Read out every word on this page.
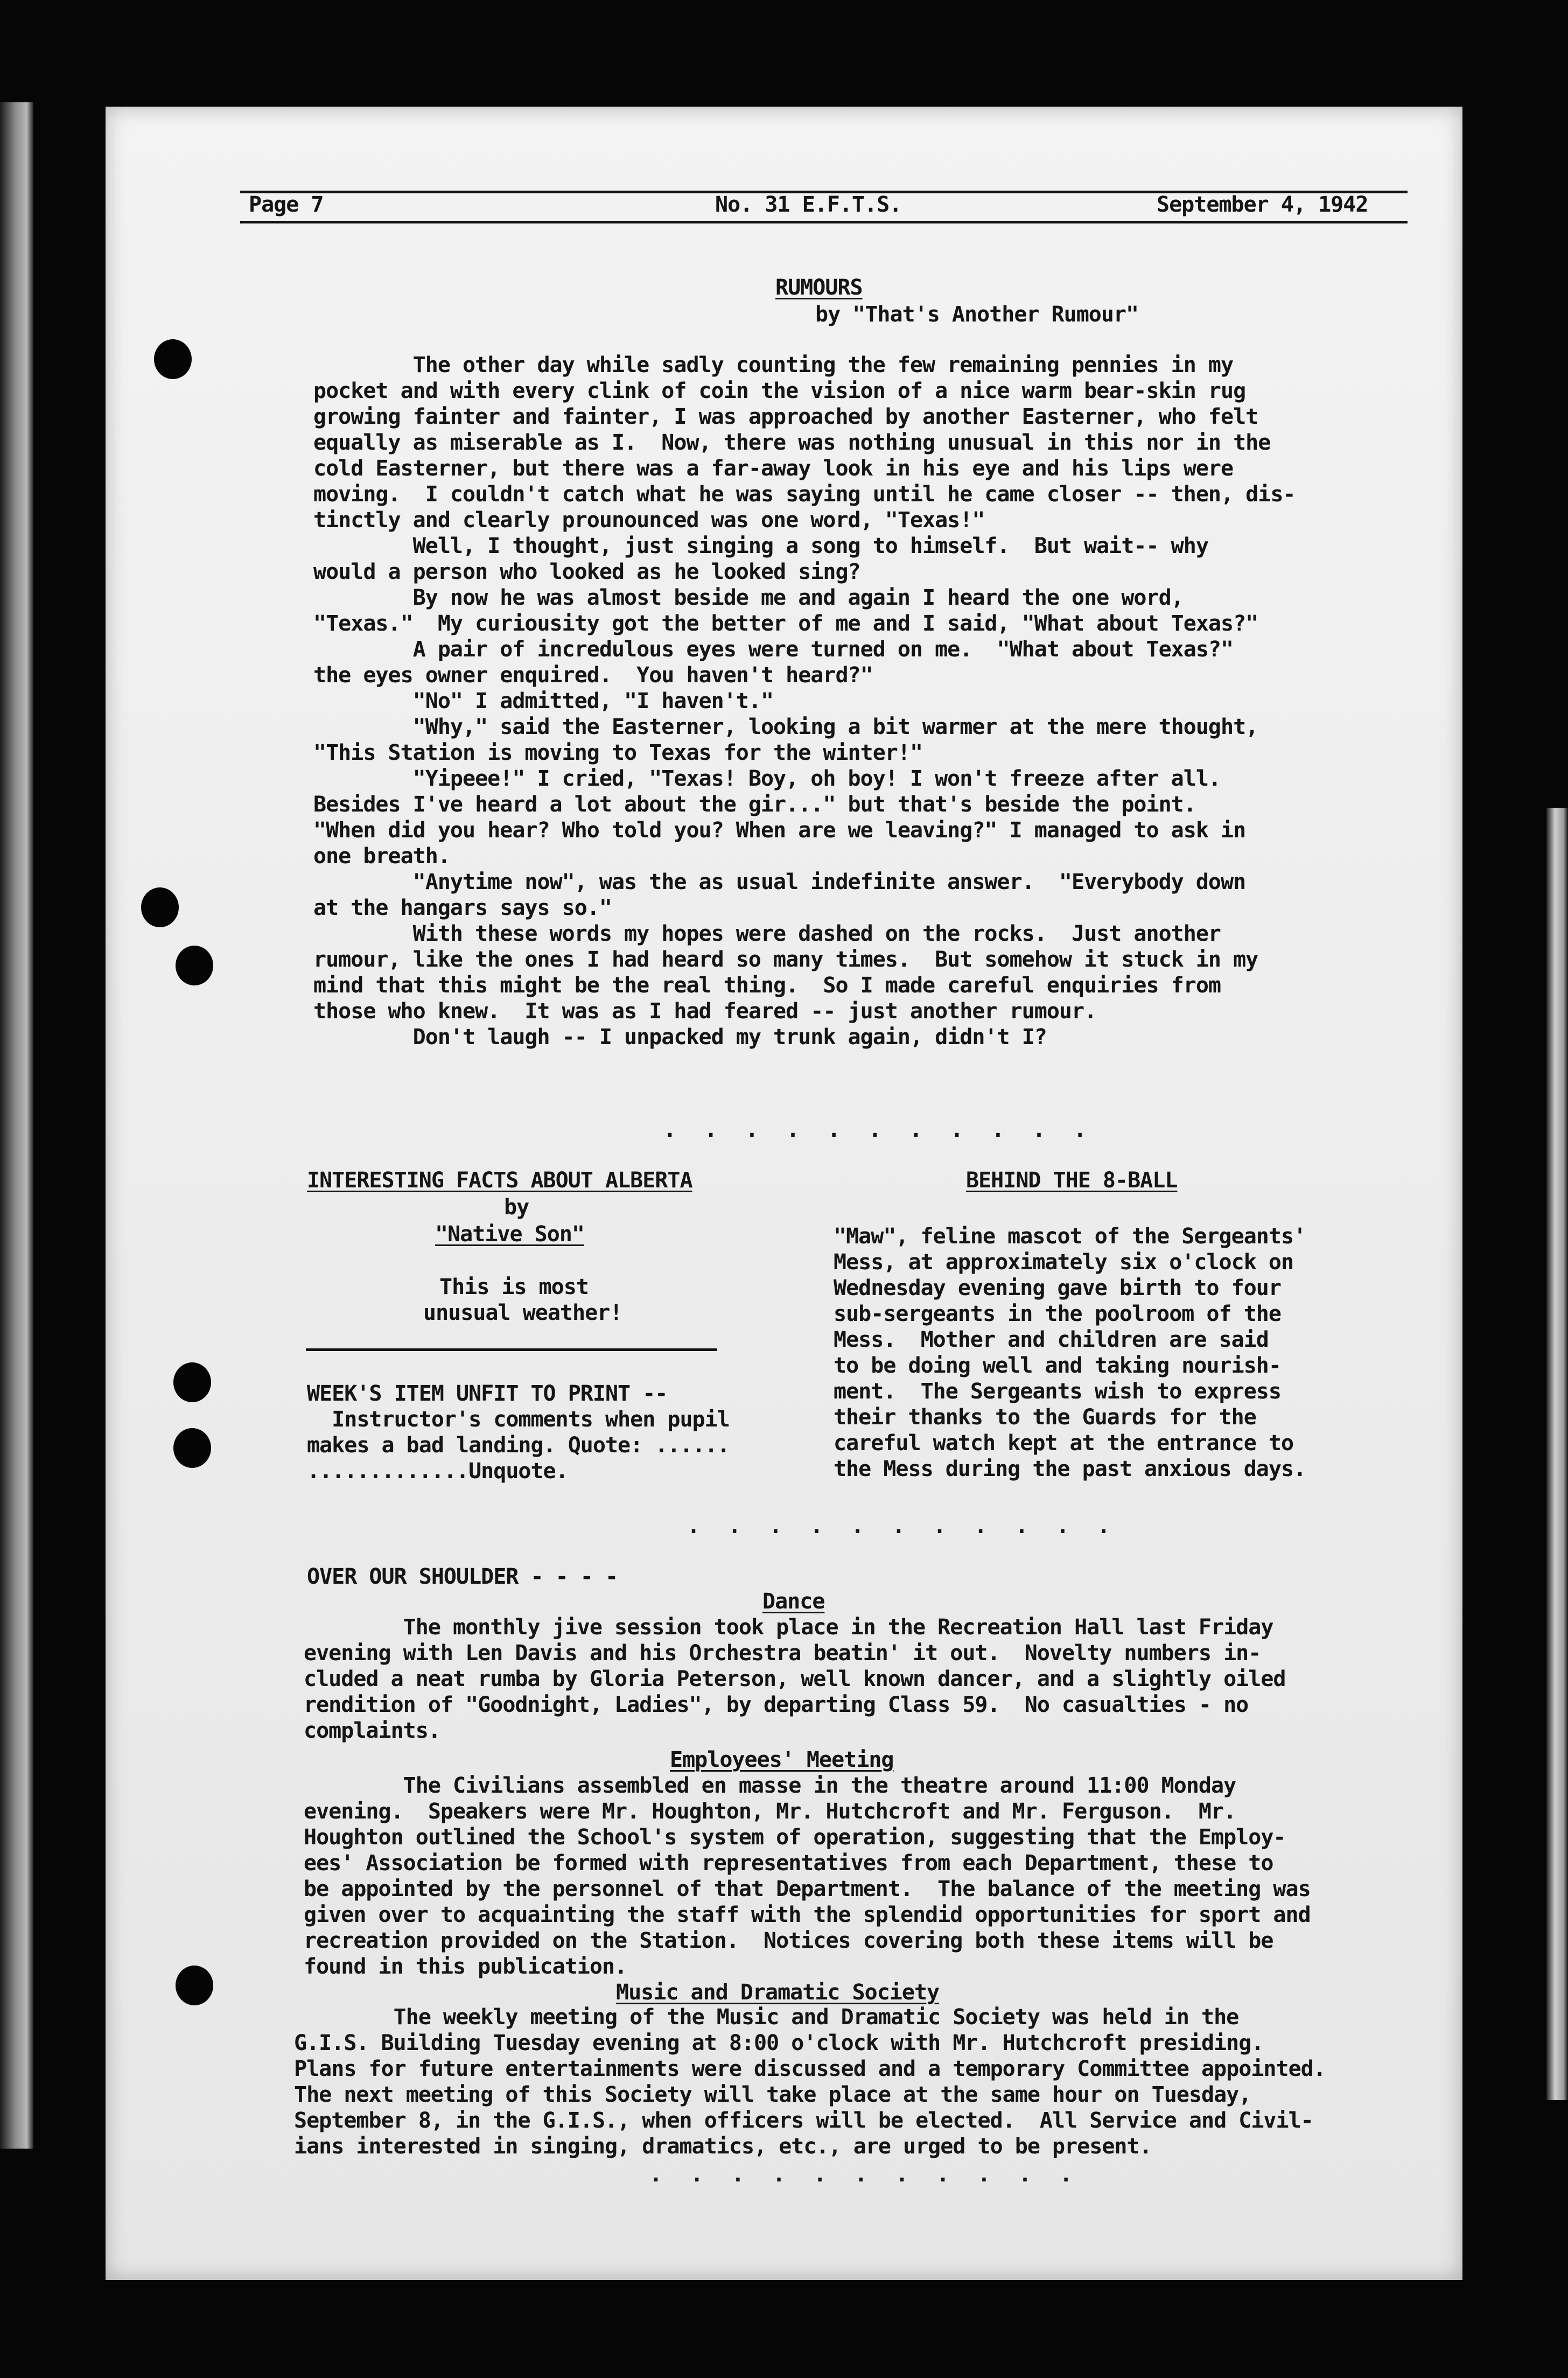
Page 7	No. 31 E.F.T.S.	September 4, 1942
RUMOURS
by "That's Another Rumour"
The other day while sadly counting the few remaining pennies in my
pocket and with every clink of coin the vision of a nice warm bear-skin rug
growing fainter and fainter, I was approached by another Easterner, who felt
equally as miserable as I.  Now, there was nothing unusual in this nor in the
cold Easterner, but there was a far-away look in his eye and his lips were
moving.  I couldn't catch what he was saying until he came closer -- then, dis-
tinctly and clearly prounounced was one word, "Texas!"
Well, I thought, just singing a song to himself.  But wait-- why
would a person who looked as he looked sing?
By now he was almost beside me and again I heard the one word,
"Texas."  My curiousity got the better of me and I said, "What about Texas?"
A pair of incredulous eyes were turned on me.  "What about Texas?"
the eyes owner enquired.  You haven't heard?"
"No" I admitted, "I haven't."
"Why," said the Easterner, looking a bit warmer at the mere thought,
"This Station is moving to Texas for the winter!"
"Yipeee!" I cried, "Texas! Boy, oh boy! I won't freeze after all.
Besides I've heard a lot about the gir..." but that's beside the point.
"When did you hear? Who told you? When are we leaving?" I managed to ask in
one breath.
"Anytime now", was the as usual indefinite answer.  "Everybody down
at the hangars says so."
With these words my hopes were dashed on the rocks.  Just another
rumour, like the ones I had heard so many times.  But somehow it stuck in my
mind that this might be the real thing.  So I made careful enquiries from
those who knew.  It was as I had feared -- just another rumour.
Don't laugh -- I unpacked my trunk again, didn't I?
. . . . . . . . . . .
INTERESTING FACTS ABOUT ALBERTA
by
"Native Son"
This is most
unusual weather!
WEEK'S ITEM UNFIT TO PRINT --
Instructor's comments when pupil
makes a bad landing. Quote: ......
.............Unquote.
BEHIND THE 8-BALL
"Maw", feline mascot of the Sergeants'
Mess, at approximately six o'clock on
Wednesday evening gave birth to four
sub-sergeants in the poolroom of the
Mess.  Mother and children are said
to be doing well and taking nourish-
ment.  The Sergeants wish to express
their thanks to the Guards for the
careful watch kept at the entrance to
the Mess during the past anxious days.
. . . . . . . . . . .
OVER OUR SHOULDER - - - -
Dance
The monthly jive session took place in the Recreation Hall last Friday
evening with Len Davis and his Orchestra beatin' it out.  Novelty numbers in-
cluded a neat rumba by Gloria Peterson, well known dancer, and a slightly oiled
rendition of "Goodnight, Ladies", by departing Class 59.  No casualties - no
complaints.
Employees' Meeting
The Civilians assembled en masse in the theatre around 11:00 Monday
evening.  Speakers were Mr. Houghton, Mr. Hutchcroft and Mr. Ferguson.  Mr.
Houghton outlined the School's system of operation, suggesting that the Employ-
ees' Association be formed with representatives from each Department, these to
be appointed by the personnel of that Department.  The balance of the meeting was
given over to acquainting the staff with the splendid opportunities for sport and
recreation provided on the Station.  Notices covering both these items will be
found in this publication.
Music and Dramatic Society
The weekly meeting of the Music and Dramatic Society was held in the
G.I.S. Building Tuesday evening at 8:00 o'clock with Mr. Hutchcroft presiding.
Plans for future entertainments were discussed and a temporary Committee appointed.
The next meeting of this Society will take place at the same hour on Tuesday,
September 8, in the G.I.S., when officers will be elected.  All Service and Civil-
ians interested in singing, dramatics, etc., are urged to be present.
. . . . . . . . . . .
